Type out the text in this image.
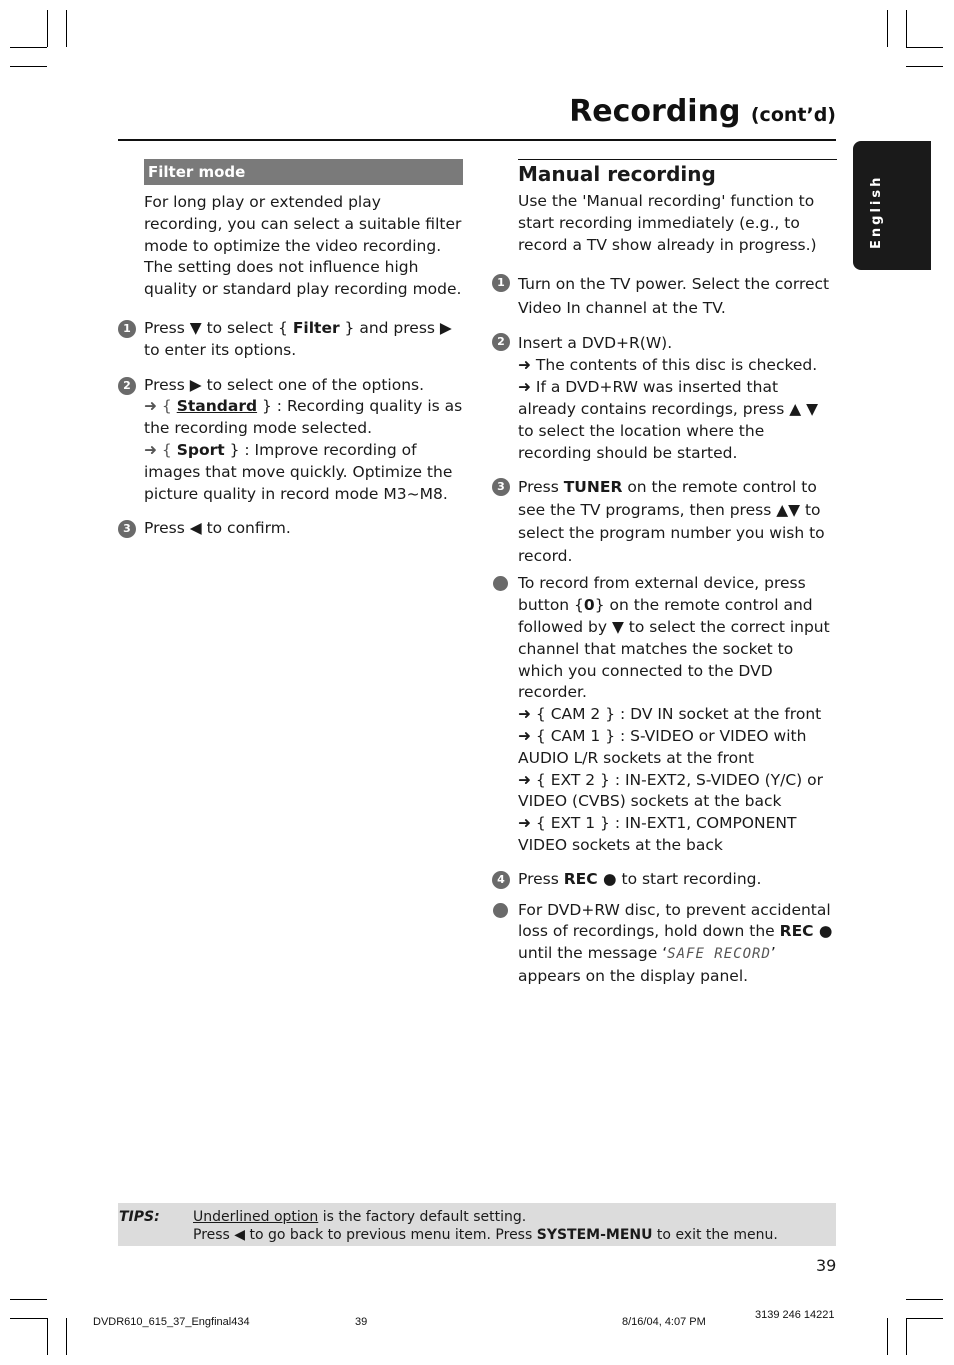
Recording (cont’d)
English
Filter mode
For long play or extended play recording, you can select a suitable filter mode to optimize the video recording. The setting does not influence high quality or standard play recording mode.
1 Press ▼ to select { Filter } and press ▶
to enter its options.
2 Press ▶ to select one of the options.
➜ { Standard } : Recording quality is as the recording mode selected.
➜ { Sport } : Improve recording of images that move quickly. Optimize the picture quality in record mode M3~M8.
3 Press ◀ to confirm.
Manual recording
Use the 'Manual recording' function to start recording immediately (e.g., to record a TV show already in progress.)
1 Turn on the TV power. Select the correct Video In channel at the TV.
2 Insert a DVD+R(W).
➜ The contents of this disc is checked.
➜ If a DVD+RW was inserted that already contains recordings, press ▲ ▼ to select the location where the recording should be started.
3 Press TUNER on the remote control to see the TV programs, then press ▲▼ to select the program number you wish to record.
To record from external device, press button {0} on the remote control and followed by ▼ to select the correct input channel that matches the socket to which you connected to the DVD recorder.
➜ { CAM 2 } : DV IN socket at the front
➜ { CAM 1 } : S-VIDEO or VIDEO with AUDIO L/R sockets at the front
➜ { EXT 2 } : IN-EXT2, S-VIDEO (Y/C) or VIDEO (CVBS) sockets at the back
➜ { EXT 1 } : IN-EXT1, COMPONENT VIDEO sockets at the back
4 Press REC ● to start recording.
For DVD+RW disc, to prevent accidental loss of recordings, hold down the REC ● until the message ‘SAFE RECORD’ appears on the display panel.
TIPS: Underlined option is the factory default setting.
Press ◀ to go back to previous menu item. Press SYSTEM-MENU to exit the menu.
39
DVDR610_615_37_Engfinal434	39	8/16/04, 4:07 PM
3139 246 14221
